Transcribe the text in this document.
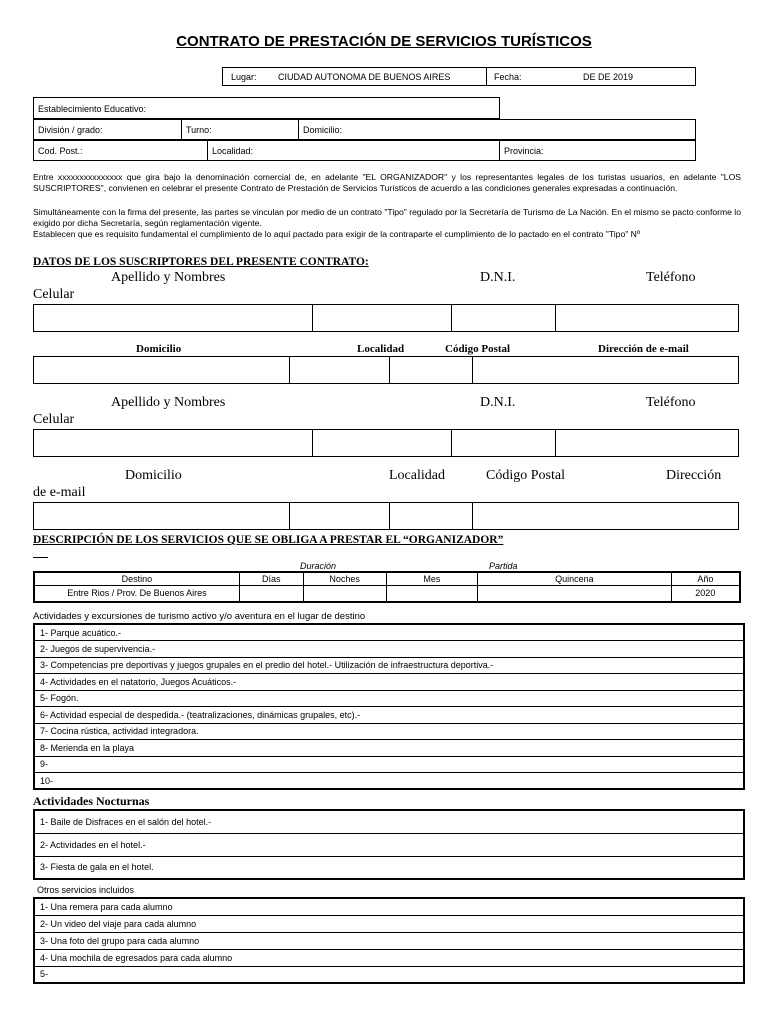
CONTRATO DE PRESTACIÓN DE SERVICIOS TURÍSTICOS
Lugar: CIUDAD AUTONOMA DE BUENOS AIRES	Fecha:	DE DE 2019
Establecimiento Educativo:
División / grado:	Turno:	Domicilio:
Cod. Post.:	Localidad:	Provincia:
Entre xxxxxxxxxxxxxxx que gira bajo la denominación comercial de, en adelante "EL ORGANIZADOR" y los representantes legales de los turistas usuarios, en adelante "LOS SUSCRIPTORES", convienen en celebrar el presente Contrato de Prestación de Servicios Turísticos de acuerdo a las condiciones generales expresadas a continuación.
Simultáneamente con la firma del presente, las partes se vinculan por medio de un contrato "Tipo" regulado por la Secretaría de Turismo de La Nación. En el mismo se pacto conforme lo exigido por dicha Secretaría, según reglamentación vigente.
Establecen que es requisito fundamental el cumplimiento de lo aquí pactado para exigir de la contraparte el cumplimiento de lo pactado en el contrato "Tipo" Nº
DATOS DE LOS SUSCRIPTORES DEL PRESENTE CONTRATO:
Apellido y Nombres	D.N.I.	Teléfono
Celular
Domicilio	Localidad	Código Postal	Dirección de e-mail
Apellido y Nombres	D.N.I.	Teléfono
Celular
Domicilio	Localidad	Código Postal	Dirección
de e-mail
DESCRIPCIÓN DE LOS SERVICIOS QUE SE OBLIGA A PRESTAR EL “ORGANIZADOR”
Duración	Partida
Destino	Días	Noches	Mes	Quincena	Año
Entre Rios / Prov. De Buenos Aires					2020
Actividades y excursiones de turismo activo y/o aventura en el lugar de destino
1- Parque acuático.-
2- Juegos de supervivencia.-
3- Competencias pre deportivas y juegos grupales en el predio del hotel.- Utilización de infraestructura deportiva.-
4- Actividades en el natatorio, Juegos Acuáticos.-
5- Fogón.
6- Actividad especial de despedida.- (teatralizaciones, dinámicas grupales, etc).-
7- Cocina rústica, actividad integradora.
8- Merienda en la playa
9-
10-
Actividades Nocturnas
1- Baile de Disfraces en el salón del hotel.-
2- Actividades en el hotel.-
3- Fiesta de gala en el hotel.
Otros servicios incluidos
1- Una remera para cada alumno
2- Un video del viaje para cada alumno
3- Una foto del grupo para cada alumno
4- Una mochila de egresados para cada alumno
5-
